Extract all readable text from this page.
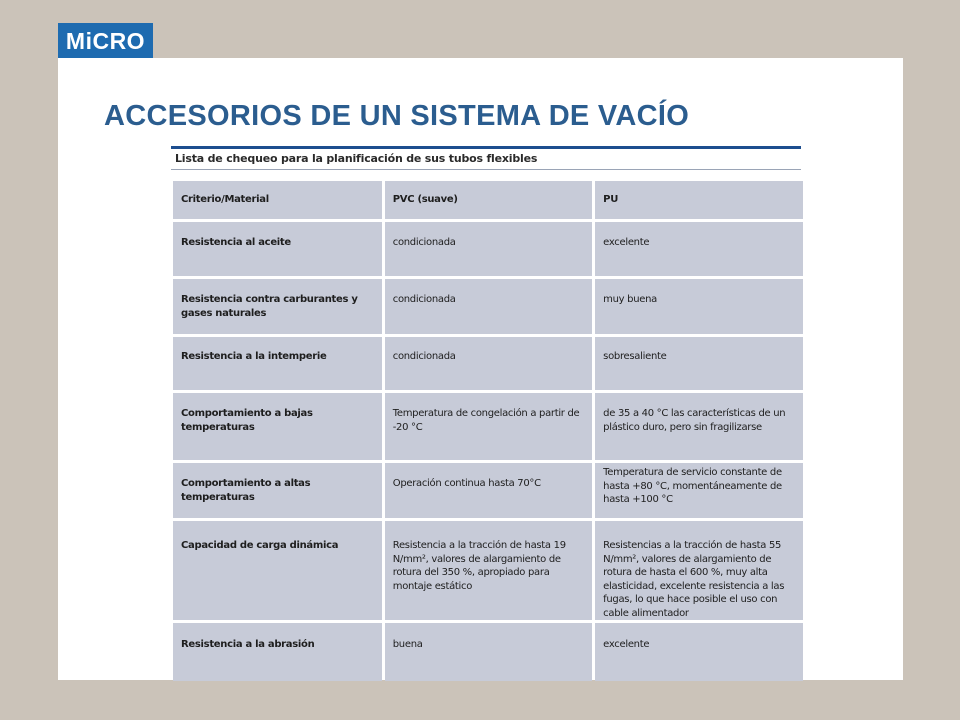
MiCRO
ACCESORIOS DE UN SISTEMA DE VACÍO
Lista de chequeo para la planificación de sus tubos flexibles
Criterio/Material	PVC (suave)	PU
Resistencia al aceite	condicionada	excelente
Resistencia contra carburantes y gases naturales	condicionada	muy buena
Resistencia a la intemperie	condicionada	sobresaliente
Comportamiento a bajas temperaturas	Temperatura de congelación a partir de -20 °C	de 35 a 40 °C las características de un plástico duro, pero sin fragilizarse
Comportamiento a altas temperaturas	Operación continua hasta 70°C	Temperatura de servicio constante de hasta +80 °C, momentáneamente de hasta +100 °C
Capacidad de carga dinámica	Resistencia a la tracción de hasta 19 N/mm², valores de alargamiento de rotura del 350 %, apropiado para montaje estático	Resistencias a la tracción de hasta 55 N/mm², valores de alargamiento de rotura de hasta el 600 %, muy alta elasticidad, excelente resistencia a las fugas, lo que hace posible el uso con cable alimentador
Resistencia a la abrasión	buena	excelente
